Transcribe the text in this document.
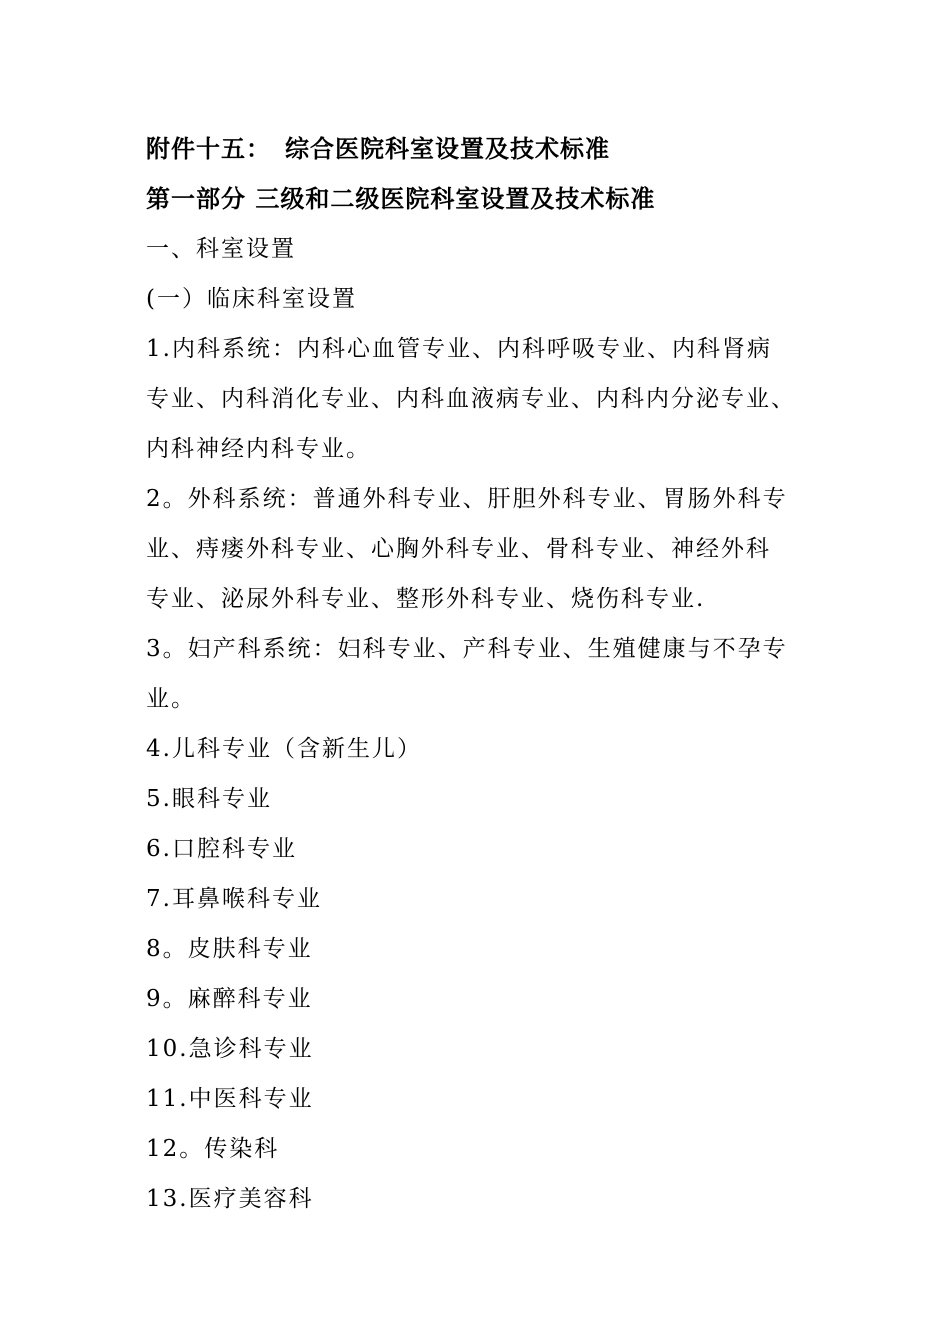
附件十五： 综合医院科室设置及技术标准
第一部分 三级和二级医院科室设置及技术标准
一、科室设置
(一）临床科室设置
1.内科系统：内科心血管专业、内科呼吸专业、内科肾病
专业、内科消化专业、内科血液病专业、内科内分泌专业、
内科神经内科专业。
2。外科系统：普通外科专业、肝胆外科专业、胃肠外科专
业、痔瘘外科专业、心胸外科专业、骨科专业、神经外科
专业、泌尿外科专业、整形外科专业、烧伤科专业.
3。妇产科系统：妇科专业、产科专业、生殖健康与不孕专
业。
4.儿科专业（含新生儿）
5.眼科专业
6.口腔科专业
7.耳鼻喉科专业
8。皮肤科专业
9。麻醉科专业
10.急诊科专业
11.中医科专业
12。传染科
13.医疗美容科
